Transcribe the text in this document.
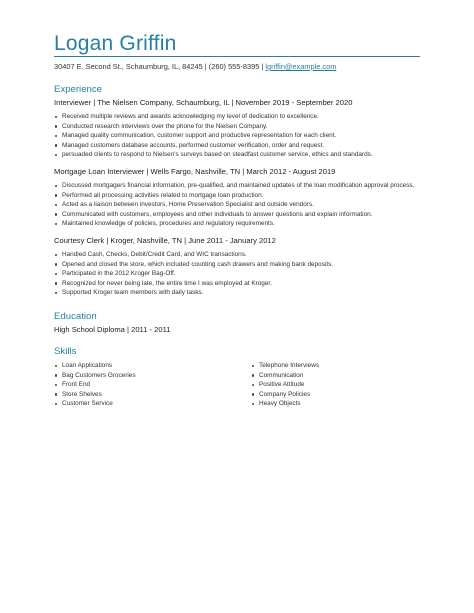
Logan Griffin
30407 E. Second St., Schaumburg, IL, 84245 | (260) 555-8395 | lgriffin@example.com
Experience
Interviewer | The Nielsen Company, Schaumburg, IL | November 2019 - September 2020
Received multiple reviews and awards acknowledging my level of dedication to excellence.
Conducted research interviews over the phone for the Nielsen Company.
Managed quality communication, customer support and productive representation for each client.
Managed customers database accounts, performed customer verification, order and request.
persuaded clients to respond to Nielsen's surveys based on steadfast customer service, ethics and standards.
Mortgage Loan Interviewer | Wells Fargo, Nashville, TN | March 2012 - August 2019
Discussed mortgagers financial information, pre-qualified, and maintained updates of the loan modification approval process.
Performed all processing activities related to mortgage loan production.
Acted as a liaison between investors, Home Preservation Specialist and outside vendors.
Communicated with customers, employees and other individuals to answer questions and explain information.
Maintained knowledge of policies, procedures and regulatory requirements.
Courtesy Clerk | Kroger, Nashville, TN | June 2011 - January 2012
Handled Cash, Checks, Debit/Credit Card, and WIC transactions.
Opened and closed the store, which included counting cash drawers and making bank deposits.
Participated in the 2012 Kroger Bag-Off.
Recognized for never being late, the entire time I was employed at Kroger.
Supported Kroger team members with daily tasks.
Education
High School Diploma | 2011 - 2011
Skills
Loan Applications
Bag Customers Groceries
Front End
Store Shelves
Customer Service
Telephone Interviews
Communication
Positive Attitude
Company Policies
Heavy Objects
